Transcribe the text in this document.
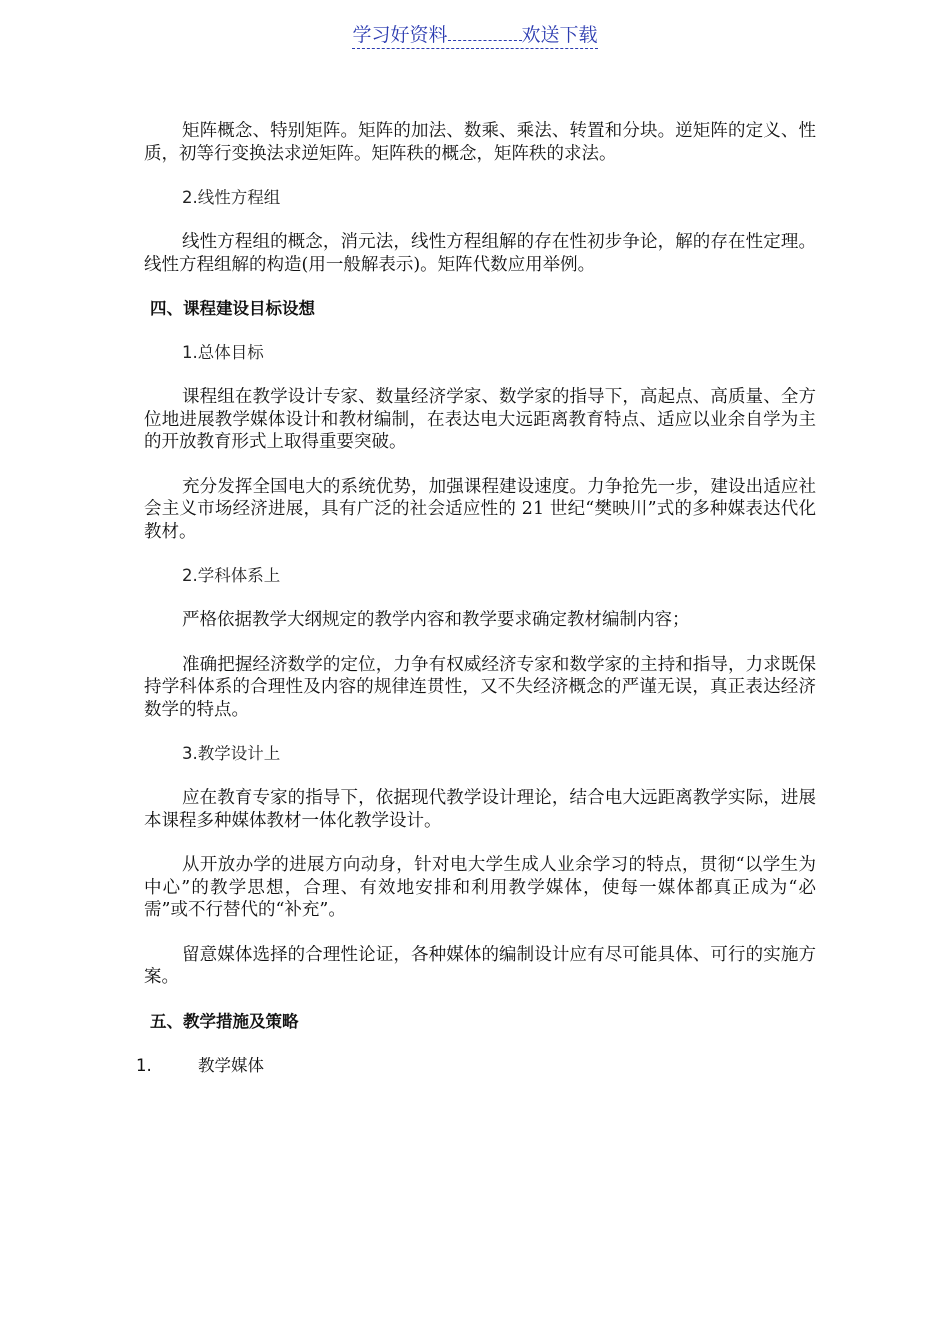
学习好资料	欢送下载

矩阵概念、特别矩阵。矩阵的加法、数乘、乘法、转置和分块。逆矩阵的定义、性质，初等行变换法求逆矩阵。矩阵秩的概念，矩阵秩的求法。

2.线性方程组

线性方程组的概念，消元法，线性方程组解的存在性初步争论，解的存在性定理。线性方程组解的构造(用一般解表示)。矩阵代数应用举例。

四、课程建设目标设想

1.总体目标

课程组在教学设计专家、数量经济学家、数学家的指导下，高起点、高质量、全方位地进展教学媒体设计和教材编制，在表达电大远距离教育特点、适应以业余自学为主的开放教育形式上取得重要突破。

充分发挥全国电大的系统优势，加强课程建设速度。力争抢先一步，建设出适应社会主义市场经济进展，具有广泛的社会适应性的 21 世纪“樊映川”式的多种媒表达代化教材。

2.学科体系上

严格依据教学大纲规定的教学内容和教学要求确定教材编制内容；

准确把握经济数学的定位，力争有权威经济专家和数学家的主持和指导，力求既保持学科体系的合理性及内容的规律连贯性，又不失经济概念的严谨无误，真正表达经济数学的特点。

3.教学设计上

应在教育专家的指导下，依据现代教学设计理论，结合电大远距离教学实际，进展本课程多种媒体教材一体化教学设计。

从开放办学的进展方向动身，针对电大学生成人业余学习的特点，贯彻“以学生为中心”的教学思想，合理、有效地安排和利用教学媒体，使每一媒体都真正成为“必需”或不行替代的“补充”。

留意媒体选择的合理性论证，各种媒体的编制设计应有尽可能具体、可行的实施方案。

五、教学措施及策略

1.	教学媒体
